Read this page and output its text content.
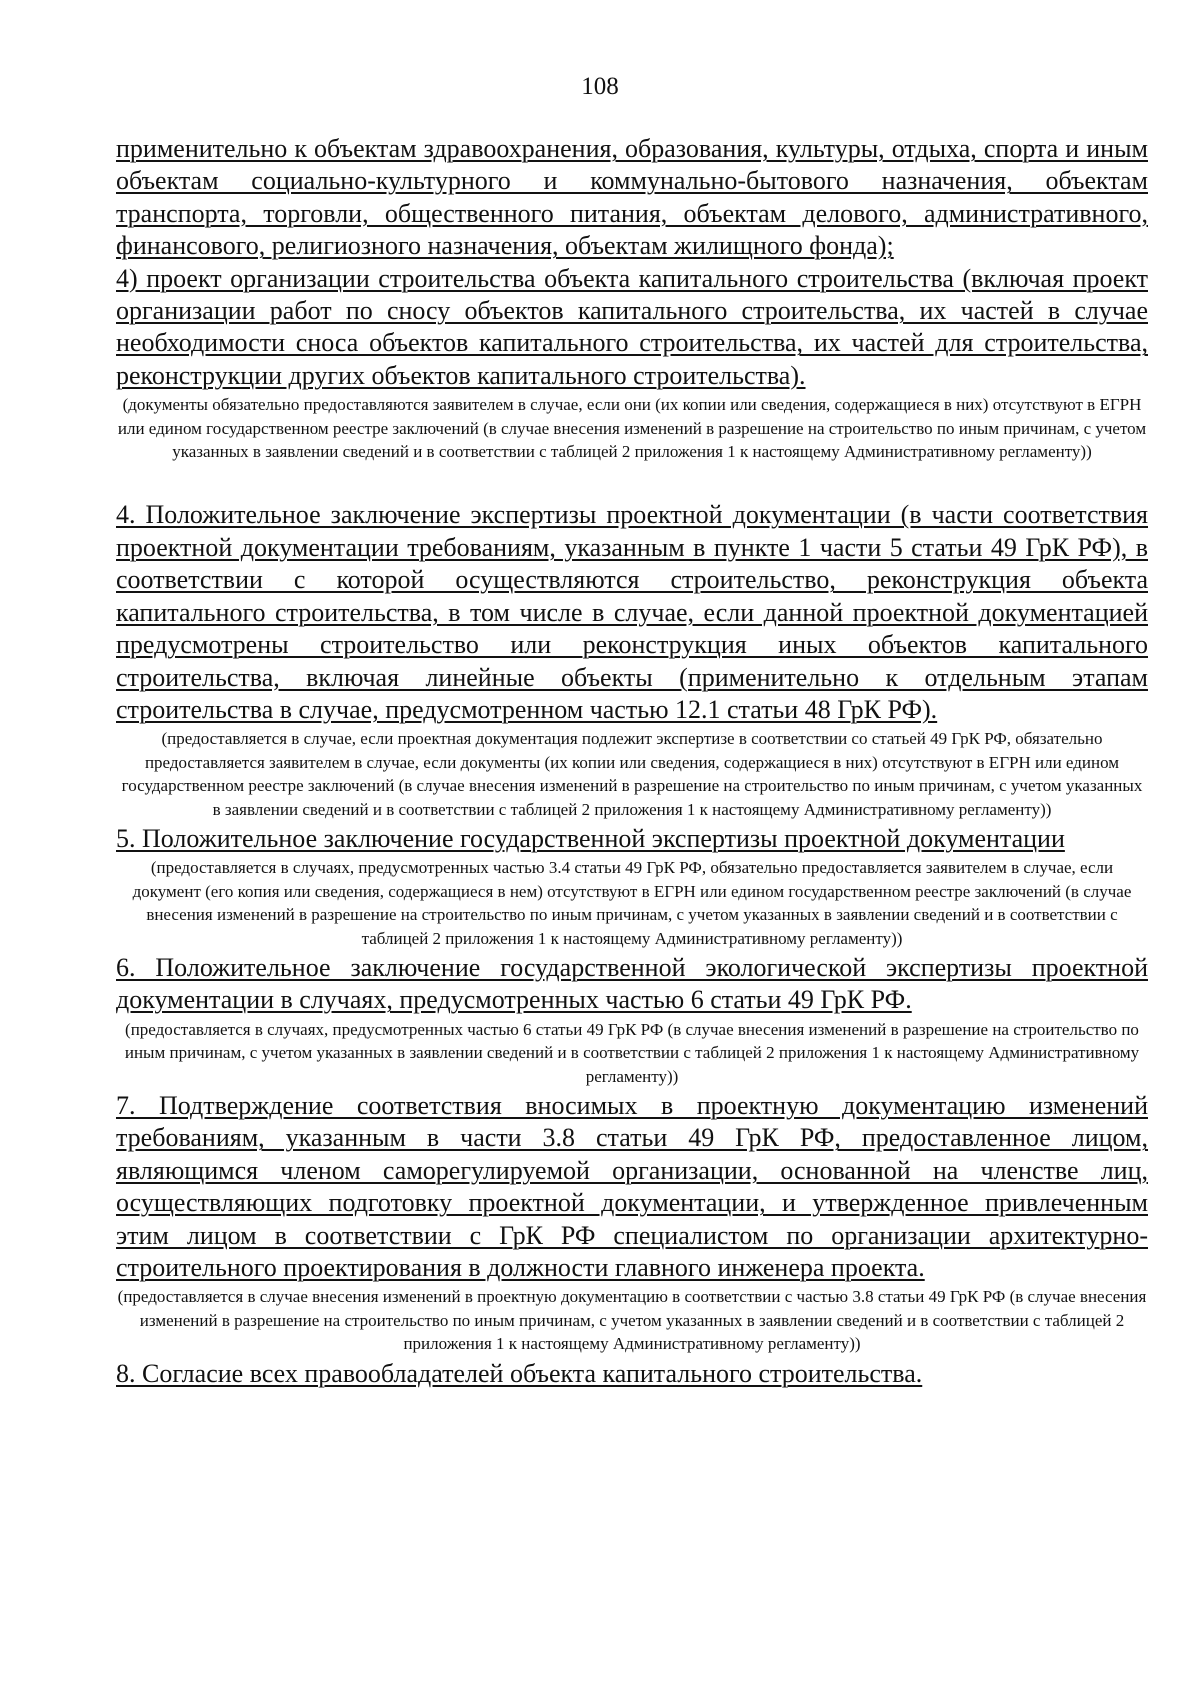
108

применительно к объектам здравоохранения, образования, культуры, отдыха, спорта и иным объектам социально-культурного и коммунально-бытового назначения, объектам транспорта, торговли, общественного питания, объектам делового, административного, финансового, религиозного назначения, объектам жилищного фонда);

4) проект организации строительства объекта капитального строительства (включая проект организации работ по сносу объектов капитального строительства, их частей в случае необходимости сноса объектов капитального строительства, их частей для строительства, реконструкции других объектов капитального строительства).

(документы обязательно предоставляются заявителем в случае, если они (их копии или сведения, содержащиеся в них) отсутствуют в ЕГРН или едином государственном реестре заключений (в случае внесения изменений в разрешение на строительство по иным причинам, с учетом указанных в заявлении сведений и в соответствии с таблицей 2 приложения 1 к настоящему Административному регламенту))

4. Положительное заключение экспертизы проектной документации (в части соответствия проектной документации требованиям, указанным в пункте 1 части 5 статьи 49 ГрК РФ), в соответствии с которой осуществляются строительство, реконструкция объекта капитального строительства, в том числе в случае, если данной проектной документацией предусмотрены строительство или реконструкция иных объектов капитального строительства, включая линейные объекты (применительно к отдельным этапам строительства в случае, предусмотренном частью 12.1 статьи 48 ГрК РФ).

(предоставляется в случае, если проектная документация подлежит экспертизе в соответствии со статьей 49 ГрК РФ, обязательно предоставляется заявителем в случае, если документы (их копии или сведения, содержащиеся в них) отсутствуют в ЕГРН или едином государственном реестре заключений (в случае внесения изменений в разрешение на строительство по иным причинам, с учетом указанных в заявлении сведений и в соответствии с таблицей 2 приложения 1 к настоящему Административному регламенту))

5. Положительное заключение государственной экспертизы проектной документации

(предоставляется в случаях, предусмотренных частью 3.4 статьи 49 ГрК РФ, обязательно предоставляется заявителем в случае, если документ (его копия или сведения, содержащиеся в нем) отсутствуют в ЕГРН или едином государственном реестре заключений (в случае внесения изменений в разрешение на строительство по иным причинам, с учетом указанных в заявлении сведений и в соответствии с таблицей 2 приложения 1 к настоящему Административному регламенту))

6. Положительное заключение государственной экологической экспертизы проектной документации в случаях, предусмотренных частью 6 статьи 49 ГрК РФ.

(предоставляется в случаях, предусмотренных частью 6 статьи 49 ГрК РФ (в случае внесения изменений в разрешение на строительство по иным причинам, с учетом указанных в заявлении сведений и в соответствии с таблицей 2 приложения 1 к настоящему Административному регламенту))

7. Подтверждение соответствия вносимых в проектную документацию изменений требованиям, указанным в части 3.8 статьи 49 ГрК РФ, предоставленное лицом, являющимся членом саморегулируемой организации, основанной на членстве лиц, осуществляющих подготовку проектной документации, и утвержденное привлеченным этим лицом в соответствии с ГрК РФ специалистом по организации архитектурно-строительного проектирования в должности главного инженера проекта.

(предоставляется в случае внесения изменений в проектную документацию в соответствии с частью 3.8 статьи 49 ГрК РФ (в случае внесения изменений в разрешение на строительство по иным причинам, с учетом указанных в заявлении сведений и в соответствии с таблицей 2 приложения 1 к настоящему Административному регламенту))

8. Согласие всех правообладателей объекта капитального строительства.
